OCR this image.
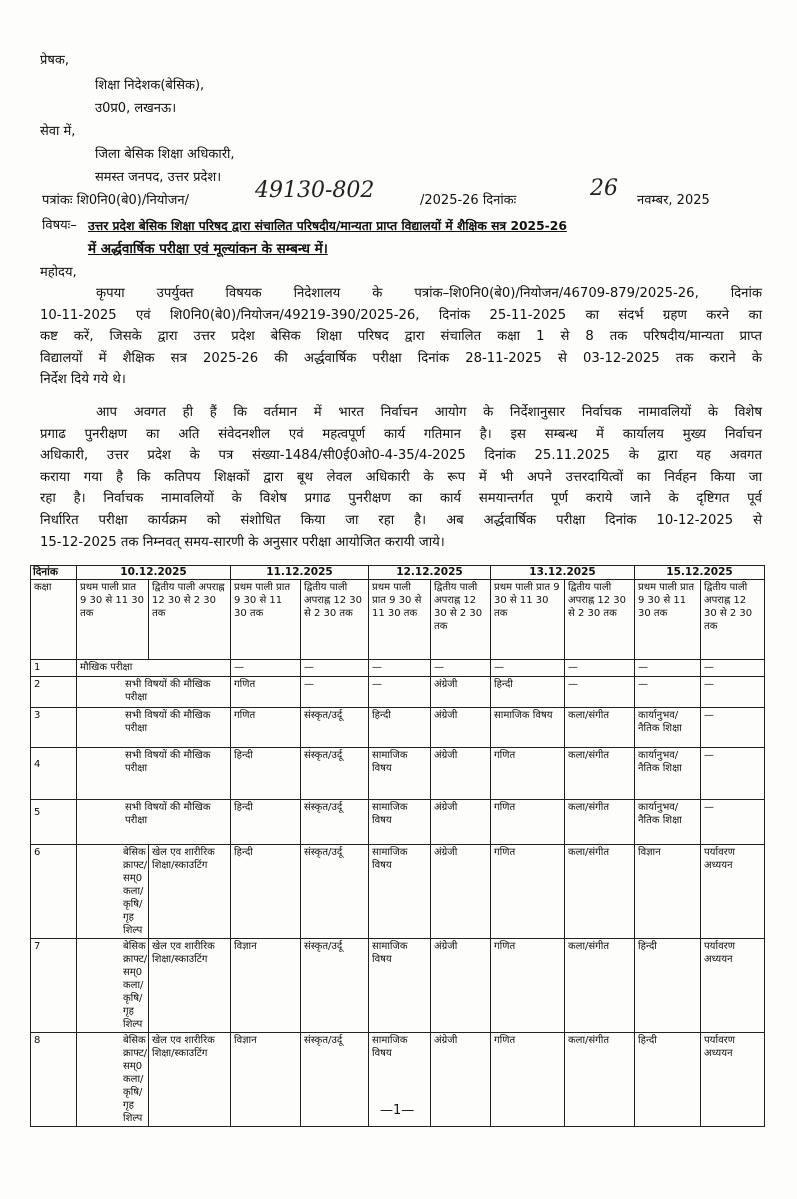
प्रेषक,
शिक्षा निदेशक(बेसिक),
उ0प्र0, लखनऊ।
सेवा में,
जिला बेसिक शिक्षा अधिकारी,
समस्त जनपद, उत्तर प्रदेश।
पत्रांकः शि0नि0(बे0)/नियोजन/	49130-802	/2025-26 दिनांकः	26 नवम्बर, 2025
विषयः– उत्तर प्रदेश बेसिक शिक्षा परिषद द्वारा संचालित परिषदीय/मान्यता प्राप्त विद्यालयों में शैक्षिक सत्र 2025-26
में अर्द्धवार्षिक परीक्षा एवं मूल्यांकन के सम्बन्ध में।
महोदय,
कृपया उपर्युक्त विषयक निदेशालय के पत्रांक–शि0नि0(बे0)/नियोजन/46709-879/2025-26, दिनांक
10-11-2025 एवं शि0नि0(बे0)/नियोजन/49219-390/2025-26, दिनांक 25-11-2025 का संदर्भ ग्रहण करने का
कष्ट करें, जिसके द्वारा उत्तर प्रदेश बेसिक शिक्षा परिषद द्वारा संचालित कक्षा 1 से 8 तक परिषदीय/मान्यता प्राप्त
विद्यालयों में शैक्षिक सत्र 2025-26 की अर्द्धवार्षिक परीक्षा दिनांक 28-11-2025 से 03-12-2025 तक कराने के
निर्देश दिये गये थे।
आप अवगत ही हैं कि वर्तमान में भारत निर्वाचन आयोग के निर्देशानुसार निर्वाचक नामावलियों के विशेष
प्रगाढ पुनरीक्षण का अति संवेदनशील एवं महत्वपूर्ण कार्य गतिमान है। इस सम्बन्ध में कार्यालय मुख्य निर्वाचन
अधिकारी, उत्तर प्रदेश के पत्र संख्या-1484/सी0ई0ओ0-4-35/4-2025 दिनांक 25.11.2025 के द्वारा यह अवगत
कराया गया है कि कतिपय शिक्षकों द्वारा बूथ लेवल अधिकारी के रूप में भी अपने उत्तरदायित्वों का निर्वहन किया जा
रहा है। निर्वाचक नामावलियों के विशेष प्रगाढ पुनरीक्षण का कार्य समयान्तर्गत पूर्ण कराये जाने के दृष्टिगत पूर्व
निर्धारित परीक्षा कार्यक्रम को संशोधित किया जा रहा है। अब अर्द्धवार्षिक परीक्षा दिनांक 10-12-2025 से
15-12-2025 तक निम्नवत् समय-सारणी के अनुसार परीक्षा आयोजित करायी जाये।
दिनांक	10.12.2025		11.12.2025		12.12.2025		13.12.2025		15.12.2025	
कक्षा	प्रथम पाली प्रात 9 30 से 11 30 तक	द्वितीय पाली अपराह्न 12 30 से 2 30 तक	प्रथम पाली प्रात 9 30 से 11 30 तक	द्वितीय पाली अपराह्न 12 30 से 2 30 तक	प्रथम पाली प्रात 9 30 से 11 30 तक	द्वितीय पाली अपराह्न 12 30 से 2 30 तक	प्रथम पाली प्रात 9 30 से 11 30 तक	द्वितीय पाली अपराह्न 12 30 से 2 30 तक	प्रथम पाली प्रात 9 30 से 11 30 तक	द्वितीय पाली अपराह्न 12 30 से 2 30 तक
1	मौखिक परीक्षा		—	—	—	—	—	—	—	—
2	सभी विषयों की मौखिक परीक्षा		गणित	—	—	अंग्रेजी	हिन्दी	—	—	—
3	सभी विषयों की मौखिक परीक्षा		गणित	संस्कृत/उर्दू	हिन्दी	अंग्रेजी	सामाजिक विषय	कला/संगीत	कार्यानुभव/नैतिक शिक्षा	—
4	सभी विषयों की मौखिक परीक्षा		हिन्दी	संस्कृत/उर्दू	सामाजिक विषय	अंग्रेजी	गणित	कला/संगीत	कार्यानुभव/नैतिक शिक्षा	—
5	सभी विषयों की मौखिक परीक्षा		हिन्दी	संस्कृत/उर्दू	सामाजिक विषय	अंग्रेजी	गणित	कला/संगीत	कार्यानुभव/नैतिक शिक्षा	—
6	बेसिक क्राफ्ट/सम्0 कला/कृषि/गृह शिल्प	खेल एव शारीरिक शिक्षा/स्काउटिंग	हिन्दी	संस्कृत/उर्दू	सामाजिक विषय	अंग्रेजी	गणित	कला/संगीत	विज्ञान	पर्यावरण अध्ययन
7	बेसिक क्राफ्ट/सम्0 कला/कृषि/गृह शिल्प	खेल एव शारीरिक शिक्षा/स्काउटिंग	विज्ञान	संस्कृत/उर्दू	सामाजिक विषय	अंग्रेजी	गणित	कला/संगीत	हिन्दी	पर्यावरण अध्ययन
8	बेसिक क्राफ्ट/सम्0 कला/कृषि/गृह शिल्प	खेल एव शारीरिक शिक्षा/स्काउटिंग	विज्ञान	संस्कृत/उर्दू	सामाजिक विषय	अंग्रेजी	गणित	कला/संगीत	हिन्दी	पर्यावरण अध्ययन
—1—
